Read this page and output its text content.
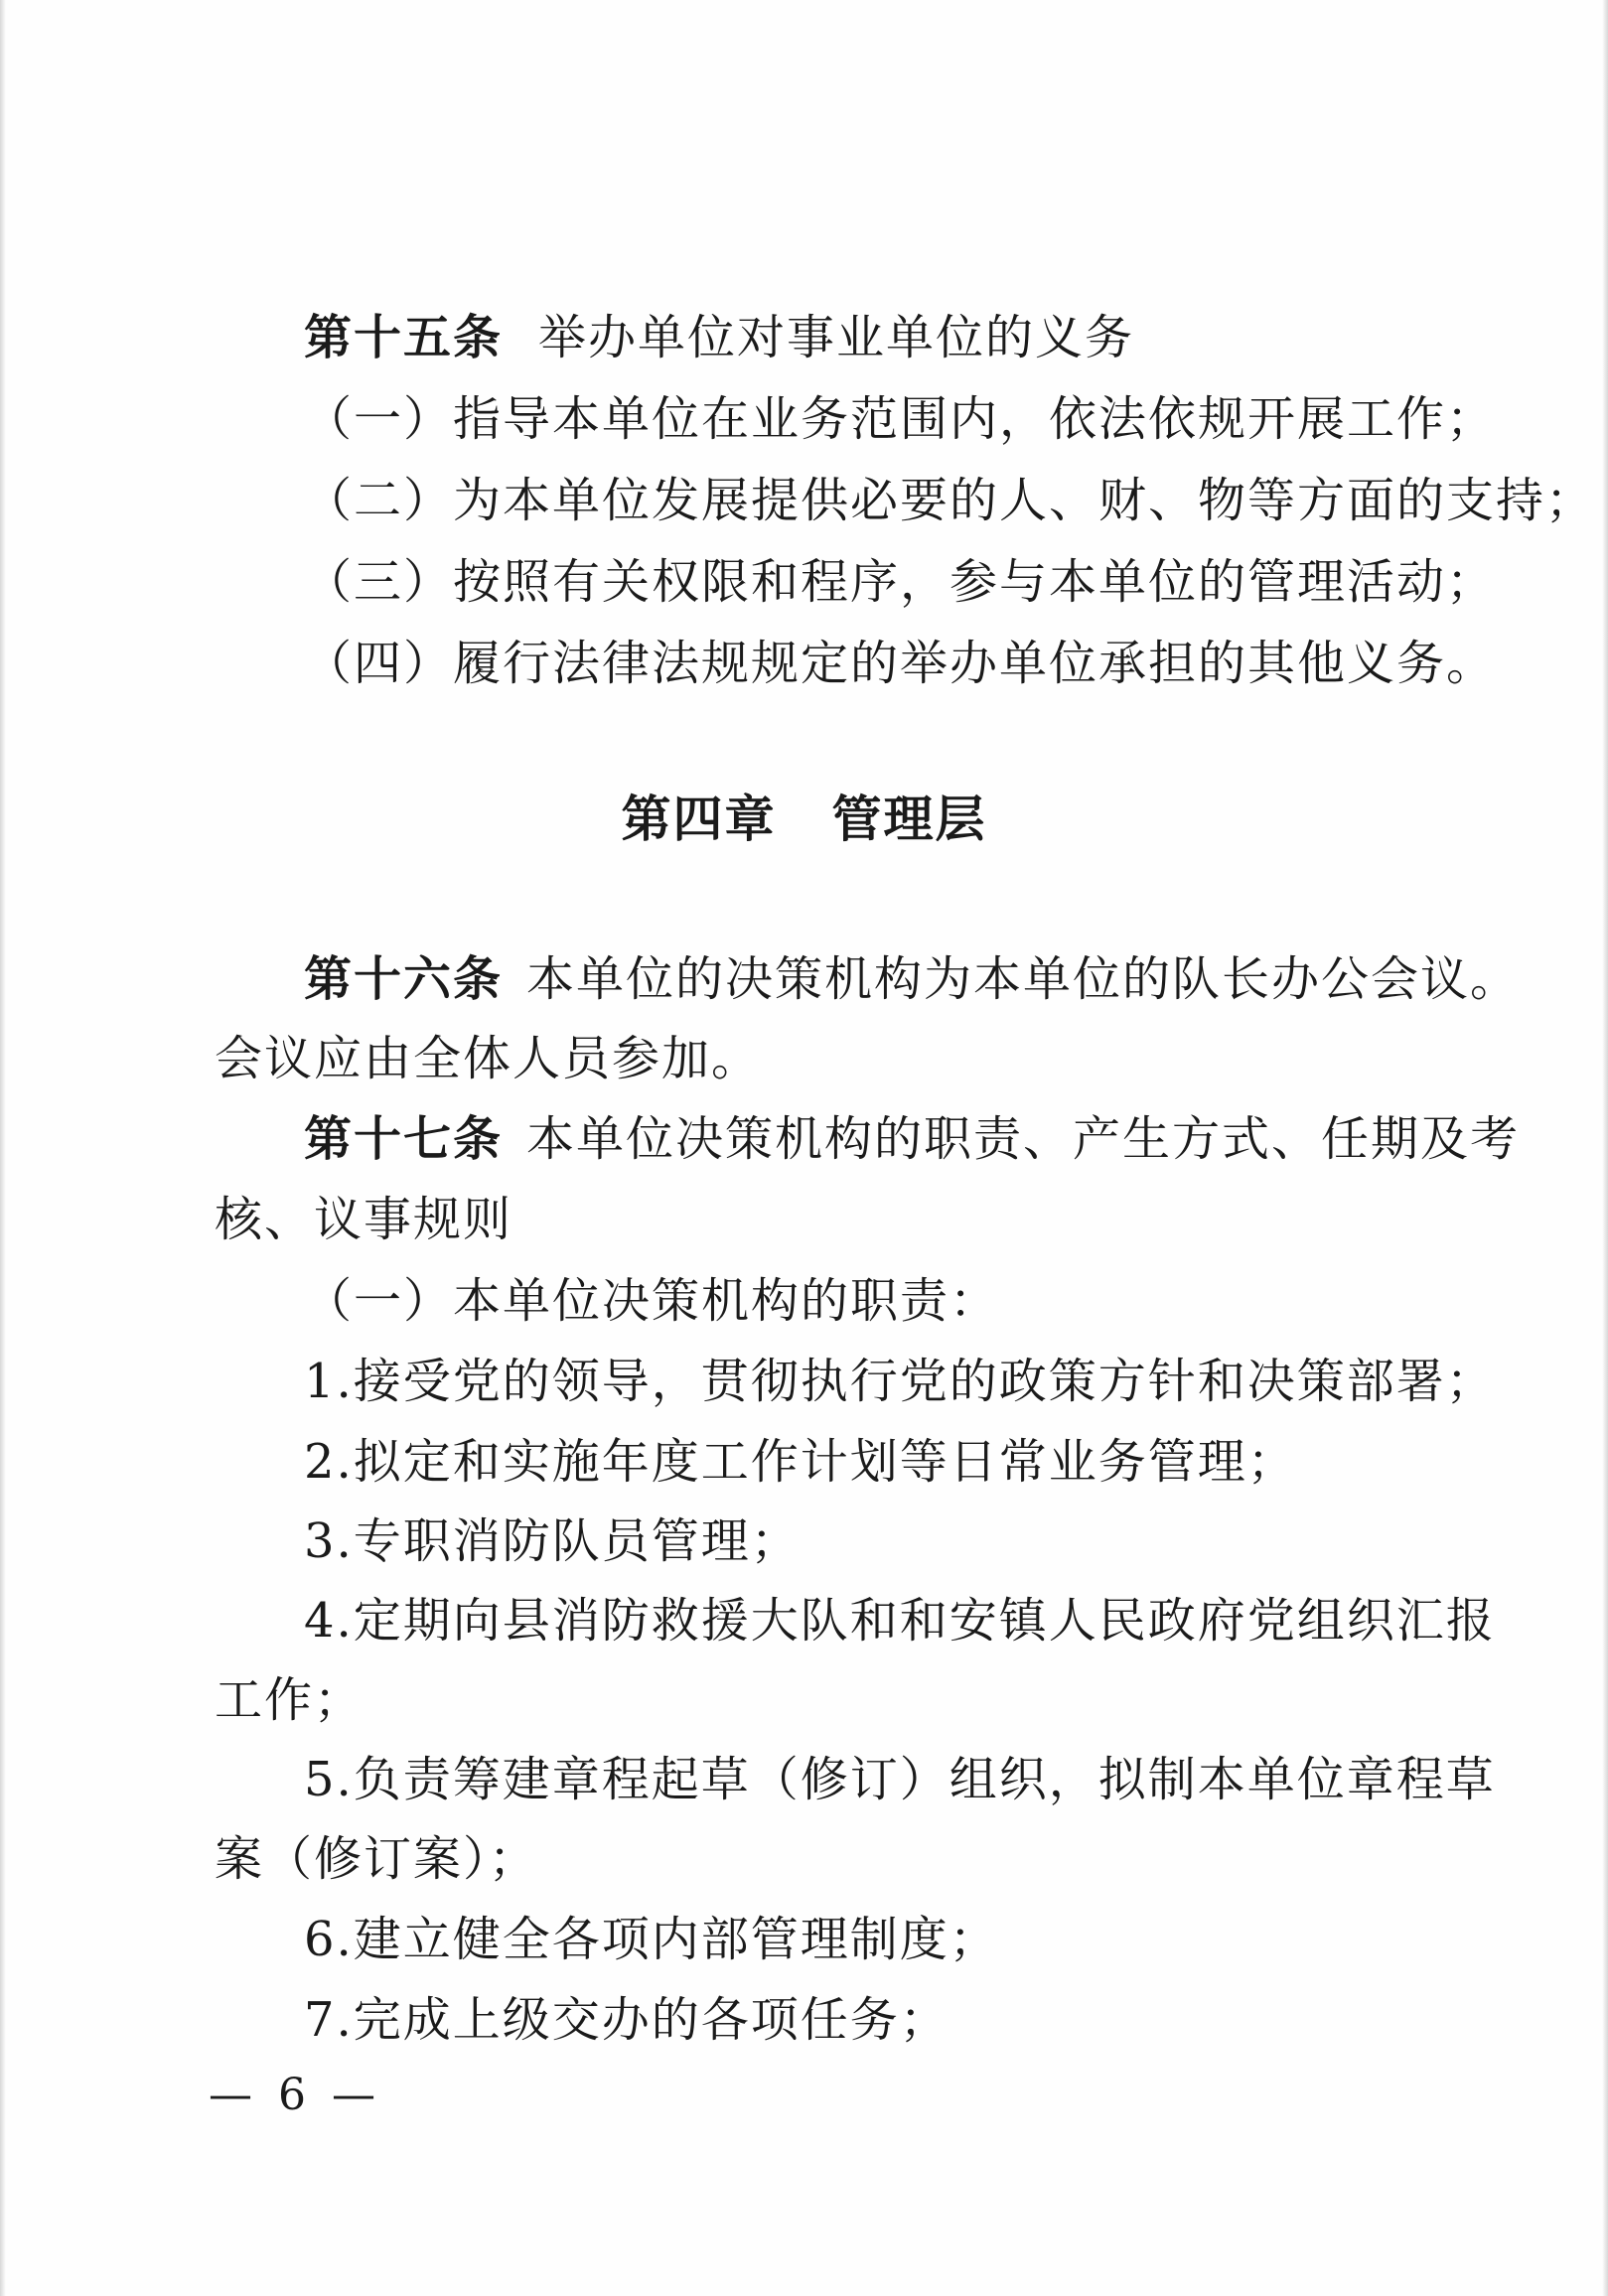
第十五条 举办单位对事业单位的义务
（一）指导本单位在业务范围内，依法依规开展工作；
（二）为本单位发展提供必要的人、财、物等方面的支持；
（三）按照有关权限和程序，参与本单位的管理活动；
（四）履行法律法规规定的举办单位承担的其他义务。
第四章 管理层
第十六条 本单位的决策机构为本单位的队长办公会议。
会议应由全体人员参加。
第十七条 本单位决策机构的职责、产生方式、任期及考
核、议事规则
（一）本单位决策机构的职责：
1.接受党的领导，贯彻执行党的政策方针和决策部署；
2.拟定和实施年度工作计划等日常业务管理；
3.专职消防队员管理；
4.定期向县消防救援大队和和安镇人民政府党组织汇报
工作；
5.负责筹建章程起草（修订）组织，拟制本单位章程草
案（修订案）；
6.建立健全各项内部管理制度；
7.完成上级交办的各项任务；
— 6 —
